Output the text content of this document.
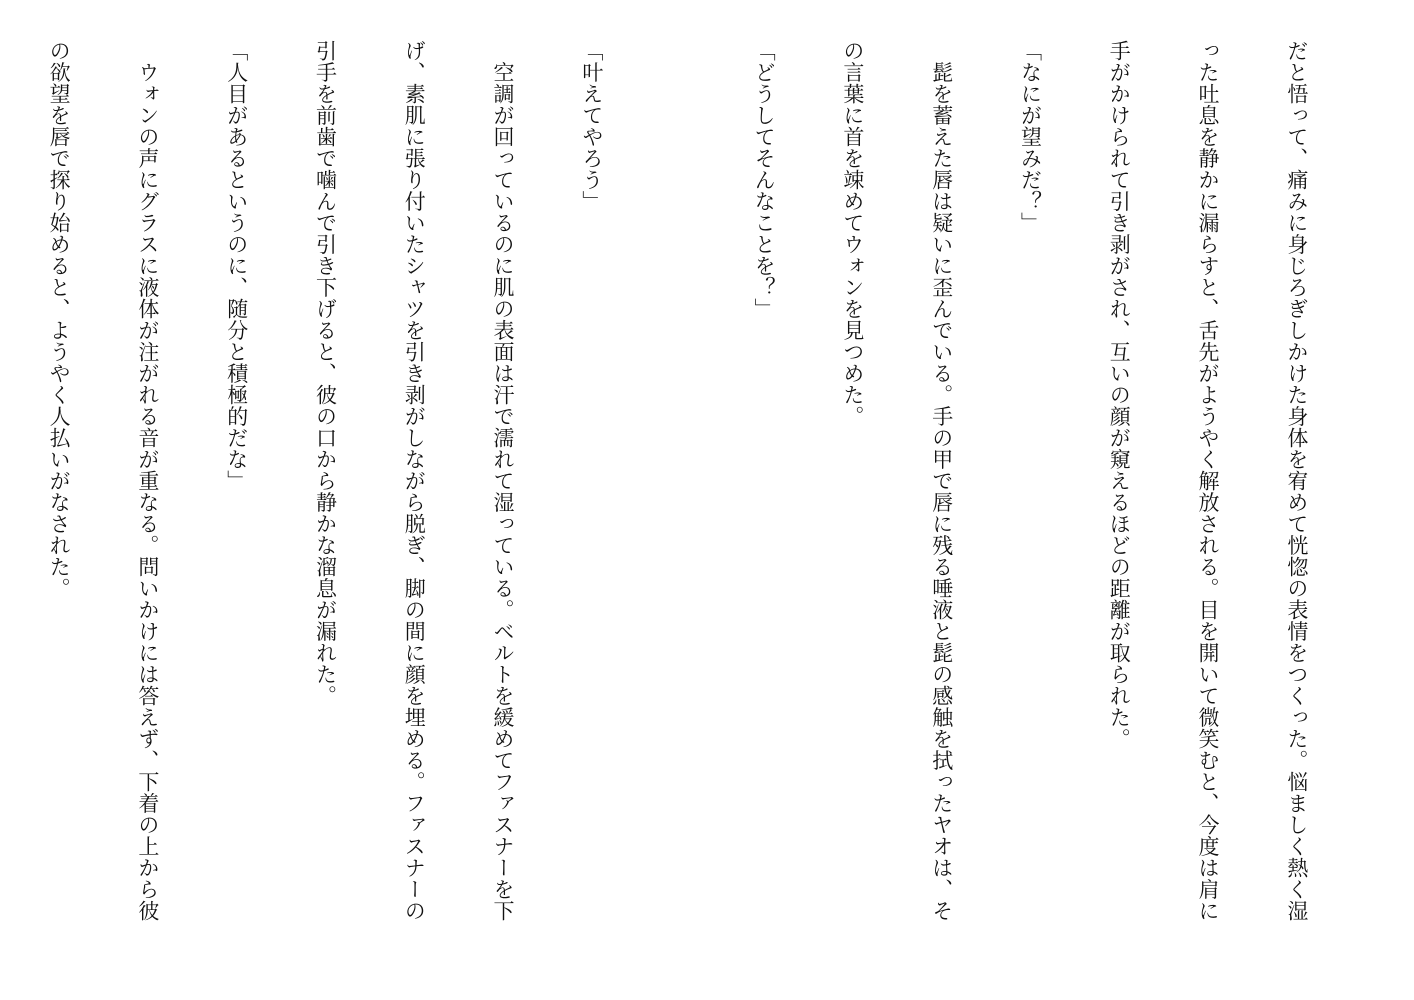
「叶えてやろう」

　空調が回っているのに肌の表面は汗で濡れて湿っている。ベルトを緩めてファスナーを下

げ、素肌に張り付いたシャツを引き剥がしながら脱ぎ、脚の間に顔を埋める。ファスナーの

引手を前歯で噛んで引き下げると、彼の口から静かな溜息が漏れた。

「人目があるというのに、随分と積極的だな」

　ウォンの声にグラスに液体が注がれる音が重なる。問いかけには答えず、下着の上から彼

の欲望を唇で探り始めると、ようやく人払いがなされた。

	だと悟って、痛みに身じろぎしかけた身体を宥めて恍惚の表情をつくった。悩ましく熱く湿

った吐息を静かに漏らすと、舌先がようやく解放される。目を開いて微笑むと、今度は肩に

手がかけられて引き剥がされ、互いの顔が窺えるほどの距離が取られた。

「なにが望みだ？」

　髭を蓄えた唇は疑いに歪んでいる。手の甲で唇に残る唾液と髭の感触を拭ったヤオは、そ

の言葉に首を竦めてウォンを見つめた。

「どうしてそんなことを？」
